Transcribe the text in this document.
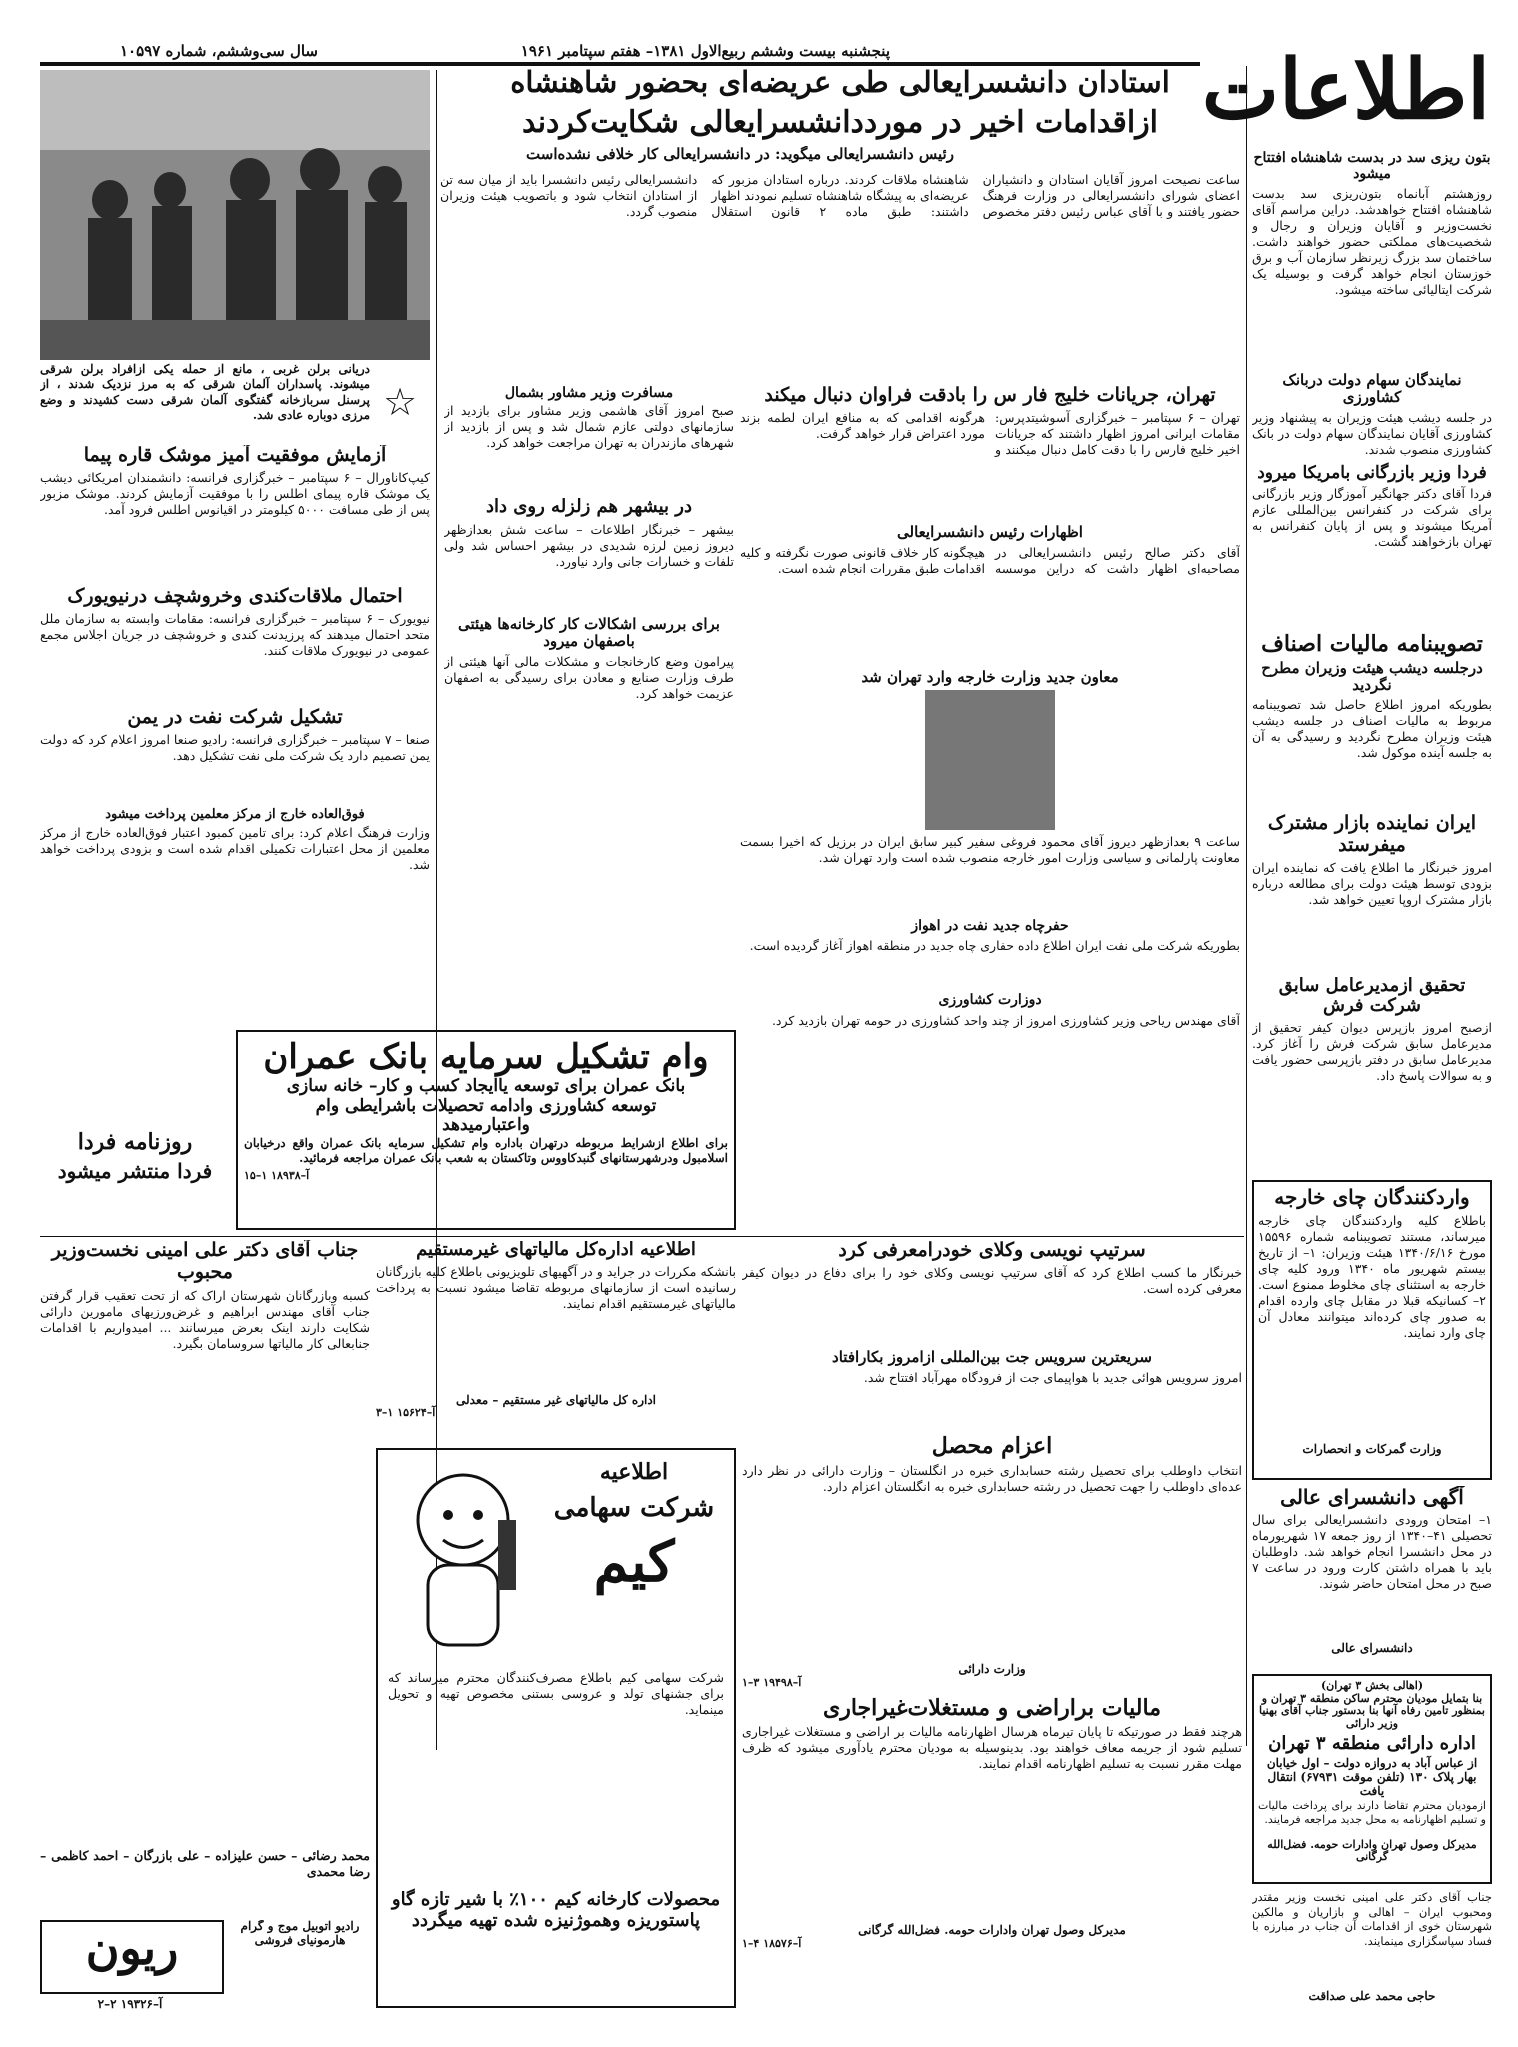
اطلاعات
پنجشنبه بیست وششم ربیع‌الاول ۱۳۸۱– هفتم سپتامبر ۱۹۶۱
سال سی‌وششم، شماره ۱۰۵۹۷
استادان دانشسرایعالی طی عریضه‌ای بحضور شاهنشاه
ازاقدامات اخیر در مورددانشسرایعالی شکایت‌کردند
رئیس دانشسرایعالی میگوید: در دانشسرایعالی کار خلافی نشده‌است
ساعت نصیحت امروز آقایان استادان و دانشیاران اعضای شورای دانشسرایعالی در وزارت فرهنگ حضور یافتند و با آقای عباس رئیس دفتر مخصوص شاهنشاه ملاقات کردند. درباره استادان مزبور که عریضه‌ای به پیشگاه شاهنشاه تسلیم نمودند اظهار داشتند: طبق ماده ۲ قانون استقلال دانشسرایعالی رئیس دانشسرا باید از میان سه تن از استادان انتخاب شود و باتصویب هیئت وزیران منصوب گردد.
دریانی برلن غربی ، مانع از حمله یکی ازافراد برلن شرقی میشوند. پاسداران آلمان شرقی که به مرز نزدیک شدند ، از پرسنل سربازخانه گفتگوی آلمان شرقی دست کشیدند و وضع مرزی دوباره عادی شد. ☆
بتون ریزی سد در بدست شاهنشاه افتتاح میشود
روزهشتم آبانماه بتون‌ریزی سد بدست شاهنشاه افتتاح خواهدشد. دراین مراسم آقای نخست‌وزیر و آقایان وزیران و رجال و شخصیت‌های مملکتی حضور خواهند داشت. ساختمان سد بزرگ زیرنظر سازمان آب و برق خوزستان انجام خواهد گرفت و بوسیله یک شرکت ایتالیائی ساخته میشود.
نمایندگان سهام دولت دربانک کشاورزی
در جلسه دیشب هیئت وزیران به پیشنهاد وزیر کشاورزی آقایان نمایندگان سهام دولت در بانک کشاورزی منصوب شدند.
فردا وزیر بازرگانی بامریکا میرود
فردا آقای دکتر جهانگیر آموزگار وزیر بازرگانی برای شرکت در کنفرانس بین‌المللی عازم آمریکا میشوند و پس از پایان کنفرانس به تهران بازخواهند گشت.
تصویبنامه مالیات اصناف
درجلسه دیشب هیئت وزیران مطرح نگردید
بطوریکه امروز اطلاع حاصل شد تصویبنامه مربوط به مالیات اصناف در جلسه دیشب هیئت وزیران مطرح نگردید و رسیدگی به آن به جلسه آینده موکول شد.
ایران نماینده بازار مشترک میفرستد
امروز خبرنگار ما اطلاع یافت که نماینده ایران بزودی توسط هیئت دولت برای مطالعه درباره بازار مشترک اروپا تعیین خواهد شد.
تحقیق ازمدیرعامل سابق شرکت فرش
ازصبح امروز بازپرس دیوان کیفر تحقیق از مدیرعامل سابق شرکت فرش را آغاز کرد. مدیرعامل سابق در دفتر بازپرسی حضور یافت و به سوالات پاسخ داد.
واردکنندگان چای خارجه
باطلاع کلیه واردکنندگان چای خارجه میرساند، مستند تصویبنامه شماره ۱۵۵۹۶ مورخ ۱۳۴۰/۶/۱۶ هیئت وزیران: ۱– از تاریخ بیستم شهریور ماه ۱۳۴۰ ورود کلیه چای خارجه به استثنای چای مخلوط ممنوع است. ۲– کسانیکه قبلا در مقابل چای وارده اقدام به صدور چای کرده‌اند میتوانند معادل آن چای وارد نمایند.
وزارت گمرکات و انحصارات
آگهی دانشسرای عالی
۱– امتحان ورودی دانشسرایعالی برای سال تحصیلی ۴۱–۱۳۴۰ از روز جمعه ۱۷ شهریورماه در محل دانشسرا انجام خواهد شد. داوطلبان باید با همراه داشتن کارت ورود در ساعت ۷ صبح در محل امتحان حاضر شوند.
دانشسرای عالی
(اهالی بخش ۳ تهران)
بنا بتمایل مودیان محترم ساکن منطقه ۳ تهران و بمنظور تامین رفاه آنها بنا بدستور جناب آقای بهنیا وزیر دارائی
اداره دارائی منطقه ۳ تهران
از عباس آباد به دروازه دولت – اول خیابان بهار پلاک ۱۳۰ (تلفن موقت ۶۷۹۳۱) انتقال یافت
ازمودیان محترم تقاضا دارند برای پرداخت مالیات و تسلیم اظهارنامه به محل جدید مراجعه فرمایند.
مدیرکل وصول تهران وادارات حومه. فضل‌الله گرگانی
تهران، جریانات خلیج فار س را بادقت فراوان دنبال میکند
تهران – ۶ سپتامبر – خبرگزاری آسوشیتدپرس: مقامات ایرانی امروز اظهار داشتند که جریانات اخیر خلیج فارس را با دقت کامل دنبال میکنند و هرگونه اقدامی که به منافع ایران لطمه بزند مورد اعتراض قرار خواهد گرفت.
اظهارات رئیس دانشسرایعالی
آقای دکتر صالح رئیس دانشسرایعالی در مصاحبه‌ای اظهار داشت که دراین موسسه هیچگونه کار خلاف قانونی صورت نگرفته و کلیه اقدامات طبق مقررات انجام شده است.
معاون جدید وزارت خارجه وارد تهران شد
ساعت ۹ بعدازظهر دیروز آقای محمود فروغی سفیر کبیر سابق ایران در برزیل که اخیرا بسمت معاونت پارلمانی و سیاسی وزارت امور خارجه منصوب شده است وارد تهران شد.
حفرچاه جدید نفت در اهواز
بطوریکه شرکت ملی نفت ایران اطلاع داده حفاری چاه جدید در منطقه اهواز آغاز گردیده است.
دوزارت کشاورزی
آقای مهندس ریاحی وزیر کشاورزی امروز از چند واحد کشاورزی در حومه تهران بازدید کرد.
مسافرت وزیر مشاور بشمال
صبح امروز آقای هاشمی وزیر مشاور برای بازدید از سازمانهای دولتی عازم شمال شد و پس از بازدید از شهرهای مازندران به تهران مراجعت خواهد کرد.
در بیشهر هم زلزله روی داد
بیشهر – خبرنگار اطلاعات – ساعت شش بعدازظهر دیروز زمین لرزه شدیدی در بیشهر احساس شد ولی تلفات و خسارات جانی وارد نیاورد.
برای بررسی اشکالات کار کارخانه‌ها هیئتی باصفهان میرود
پیرامون وضع کارخانجات و مشکلات مالی آنها هیئتی از طرف وزارت صنایع و معادن برای رسیدگی به اصفهان عزیمت خواهد کرد.
آزمایش موفقیت آمیز موشک قاره پیما
کیپ‌کاناورال – ۶ سپتامبر – خبرگزاری فرانسه: دانشمندان امریکائی دیشب یک موشک قاره پیمای اطلس را با موفقیت آزمایش کردند. موشک مزبور پس از طی مسافت ۵۰۰۰ کیلومتر در اقیانوس اطلس فرود آمد.
احتمال ملاقات‌کندی وخروشچف درنیویورک
نیویورک – ۶ سپتامبر – خبرگزاری فرانسه: مقامات وابسته به سازمان ملل متحد احتمال میدهند که پرزیدنت کندی و خروشچف در جریان اجلاس مجمع عمومی در نیویورک ملاقات کنند.
تشکیل شرکت نفت در یمن
صنعا – ۷ سپتامبر – خبرگزاری فرانسه: رادیو صنعا امروز اعلام کرد که دولت یمن تصمیم دارد یک شرکت ملی نفت تشکیل دهد.
فوق‌العاده خارج از مرکز معلمین پرداخت میشود
وزارت فرهنگ اعلام کرد: برای تامین کمبود اعتبار فوق‌العاده خارج از مرکز معلمین از محل اعتبارات تکمیلی اقدام شده است و بزودی پرداخت خواهد شد.
روزنامه فردا
فردا منتشر میشود
وام تشکیل سرمایه بانک عمران
بانک عمران برای توسعه یاایجاد کسب و کار– خانه سازی
توسعه کشاورزی وادامه تحصیلات باشرایطی وام
واعتبارمیدهد
برای اطلاع ازشرایط مربوطه درتهران باداره وام تشکیل سرمایه بانک عمران واقع درخیابان اسلامبول ودرشهرستانهای گنبدکاووس وتاکستان به شعب بانک عمران مراجعه فرمائید.
آ–۱۸۹۳۸ ۱–۱۵
جناب آقای دکتر علی امینی نخست‌وزیر محبوب
کسبه وبازرگانان شهرستان اراک که از تحت تعقیب قرار گرفتن جناب آقای مهندس ابراهیم و غرض‌ورزیهای مامورین دارائی شکایت دارند اینک بعرض میرسانند ... امیدواریم با اقدامات جنابعالی کار مالیاتها سروسامان بگیرد.
محمد رضائی – حسن علیزاده – علی بازرگان – احمد کاظمی – رضا محمدی
رادیو اتوبیل موج و گرام هارمونیای فروشی
ریون
آ–۱۹۳۲۶ ۲–۲
اطلاعیه اداره‌کل مالیاتهای غیرمستقیم
بانشکه مکررات در جراید و در آگهیهای تلویزیونی باطلاع کلیه بازرگانان رسانیده است از سازمانهای مربوطه تقاضا میشود نسبت به پرداخت مالیاتهای غیرمستقیم اقدام نمایند.
اداره کل مالیاتهای غیر مستقیم – معدلی
آ–۱۵۶۲۴ ۱–۳
اطلاعیه
شرکت سهامی
کیم
شرکت سهامی کیم باطلاع مصرف‌کنندگان محترم میرساند که برای جشنهای تولد و عروسی بستنی مخصوص تهیه و تحویل مینماید.
محصولات کارخانه کیم ۱۰۰٪ با شیر تازه گاو پاستوریزه وهموژنیزه شده تهیه میگردد
سرتیپ نویسی وکلای خودرامعرفی کرد
خبرنگار ما کسب اطلاع کرد که آقای سرتیپ نویسی وکلای خود را برای دفاع در دیوان کیفر معرفی کرده است.
سریعترین سرویس جت بین‌المللی ازامروز بکارافتاد
امروز سرویس هوائی جدید با هواپیمای جت از فرودگاه مهرآباد افتتاح شد.
اعزام محصل
انتخاب داوطلب برای تحصیل رشته حسابداری خبره در انگلستان – وزارت دارائی در نظر دارد عده‌ای داوطلب را جهت تحصیل در رشته حسابداری خبره به انگلستان اعزام دارد.
وزارت دارائی
آ–۱۹۴۹۸ ۳–۱
مالیات براراضی و مستغلات‌غیراجاری
هرچند فقط در صورتیکه تا پایان تیرماه هرسال اظهارنامه مالیات بر اراضی و مستغلات غیراجاری تسلیم شود از جریمه معاف خواهند بود. بدینوسیله به مودیان محترم یادآوری میشود که ظرف مهلت مقرر نسبت به تسلیم اظهارنامه اقدام نمایند.
مدیرکل وصول تهران وادارات حومه. فضل‌الله گرگانی
آ–۱۸۵۷۶ ۴–۱
جناب آقای دکتر علی امینی نخست وزیر مقتدر ومحبوب ایران – اهالی و بازاریان و مالکین شهرستان خوی از اقدامات آن جناب در مبارزه با فساد سپاسگزاری مینمایند.
حاجی محمد علی صداقت
